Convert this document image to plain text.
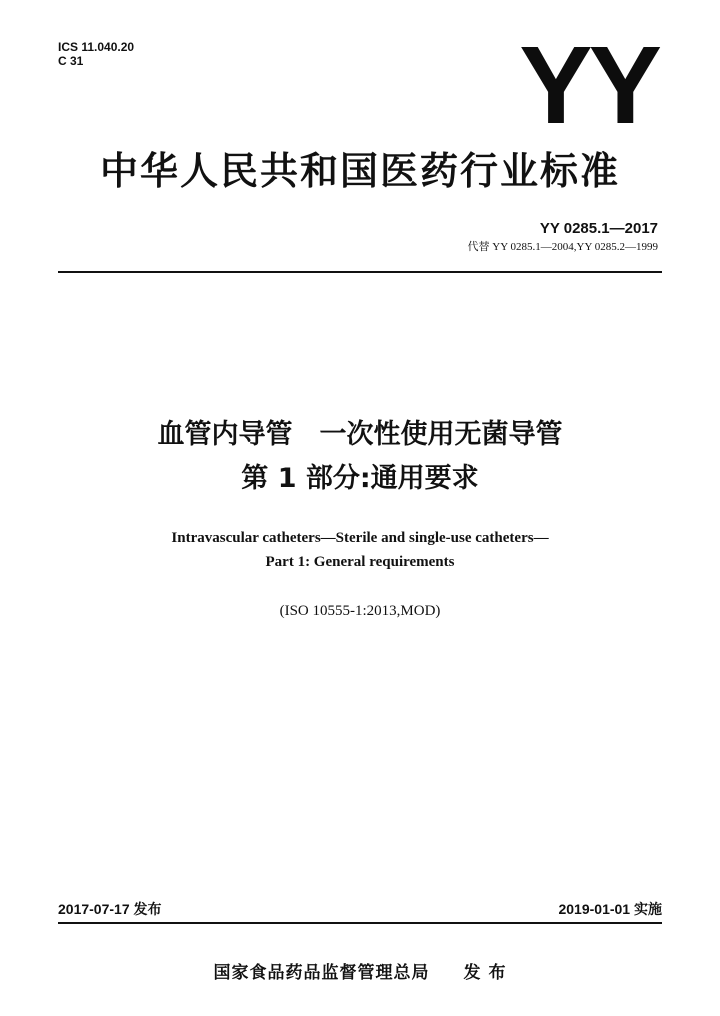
ICS 11.040.20
C 31	YY
中华人民共和国医药行业标准
YY 0285.1—2017
代替 YY 0285.1—2004,YY 0285.2—1999
血管内导管　一次性使用无菌导管
第 1 部分:通用要求
Intravascular catheters—Sterile and single-use catheters—
Part 1: General requirements
(ISO 10555-1:2013,MOD)
2017-07-17 发布	2019-01-01 实施
国家食品药品监督管理总局 发 布
